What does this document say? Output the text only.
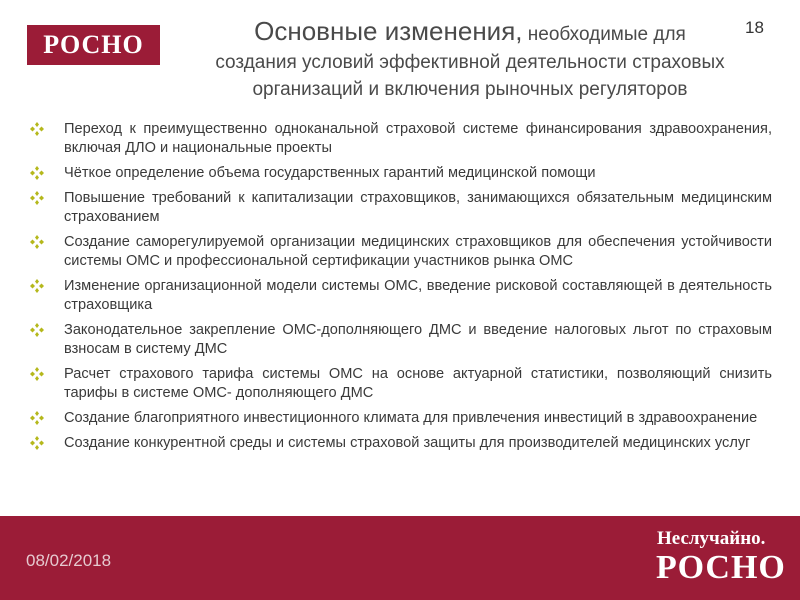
РОСНО
18
Основные изменения, необходимые для
создания условий эффективной деятельности страховых
организаций и включения рыночных регуляторов
Переход к преимущественно одноканальной страховой системе финансирования здравоохранения, включая ДЛО и национальные проекты
Чёткое определение объема государственных гарантий медицинской помощи
Повышение требований к капитализации страховщиков, занимающихся обязательным медицинским страхованием
Создание саморегулируемой организации медицинских страховщиков для обеспечения устойчивости системы ОМС и профессиональной сертификации участников рынка ОМС
Изменение организационной модели системы ОМС, введение рисковой составляющей в деятельность страховщика
Законодательное закрепление ОМС-дополняющего ДМС и введение налоговых льгот по страховым взносам в систему ДМС
Расчет страхового тарифа системы ОМС на основе актуарной статистики, позволяющий снизить тарифы в системе ОМС- дополняющего ДМС
Создание благоприятного инвестиционного климата для привлечения инвестиций в здравоохранение
Создание конкурентной среды и системы страховой защиты для производителей медицинских услуг
08/02/2018
Неслучайно.
РОСНО
